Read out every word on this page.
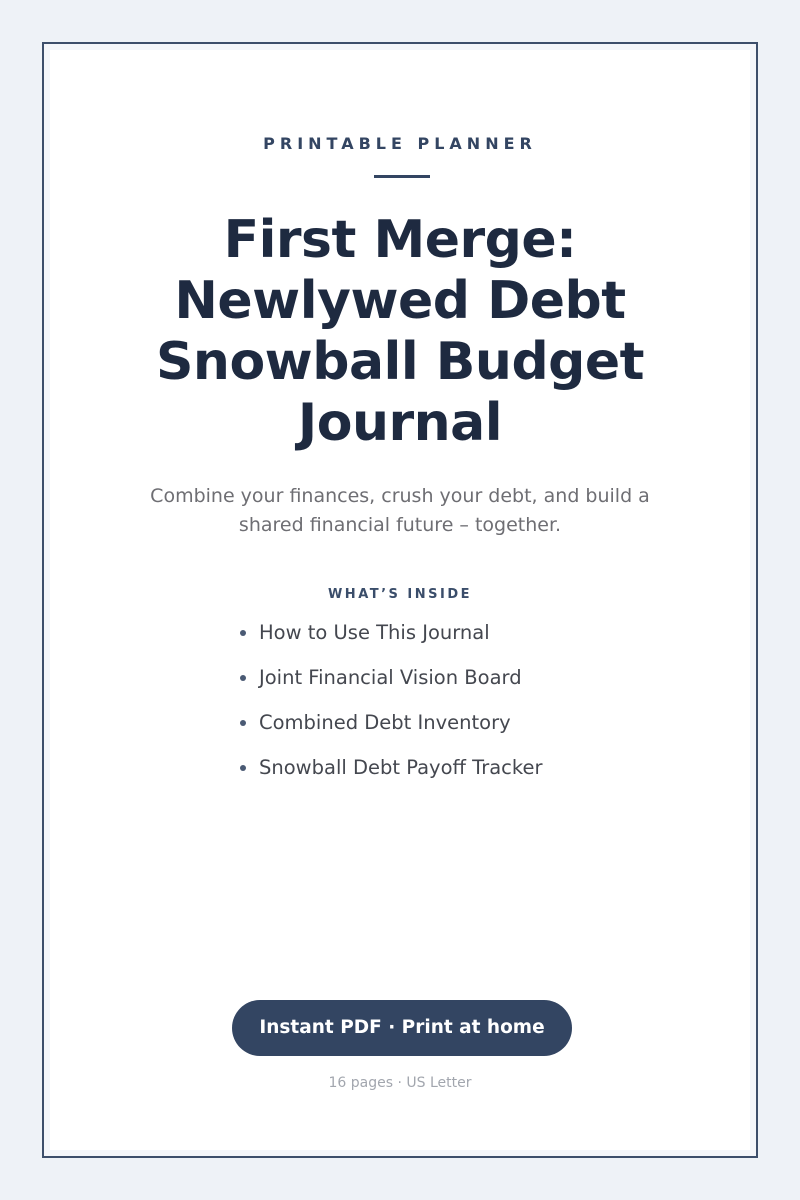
PRINTABLE PLANNER
First Merge:
Newlywed Debt
Snowball Budget
Journal

Combine your finances, crush your debt, and build a shared financial future – together.

WHAT’S INSIDE
How to Use This Journal
Joint Financial Vision Board
Combined Debt Inventory
Snowball Debt Payoff Tracker
Instant PDF · Print at home
16 pages · US Letter
